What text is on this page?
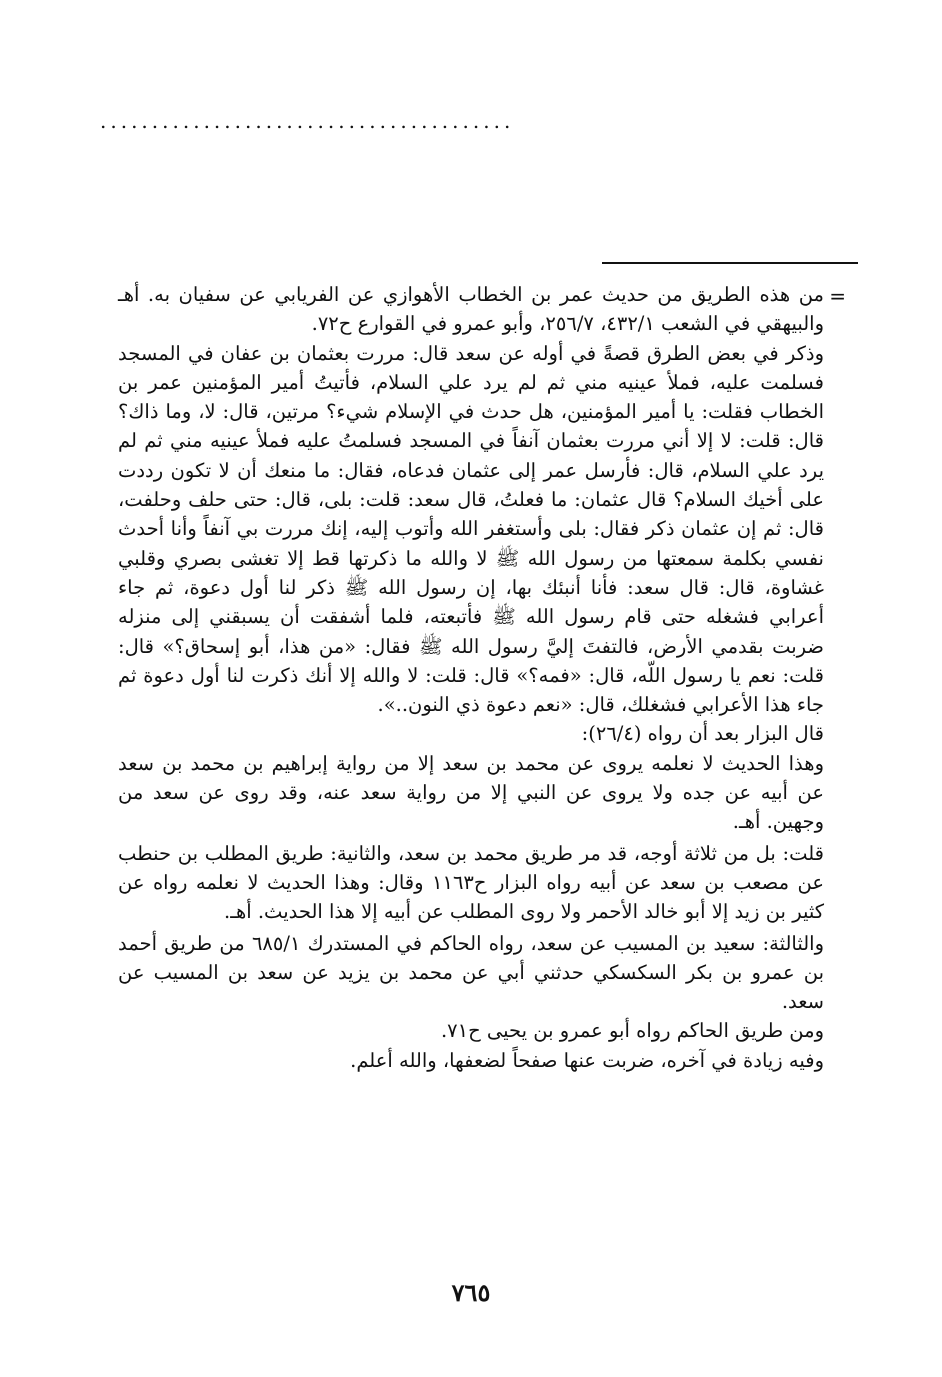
........................................
=

من هذه الطريق من حديث عمر بن الخطاب الأهوازي عن الفريابي عن سفيان به. أهـ والبيهقي في الشعب ٤٣٢/١، ٢٥٦/٧، وأبو عمرو في القوارع ح٧٢.

وذكر في بعض الطرق قصةً في أوله عن سعد قال: مررت بعثمان بن عفان في المسجد فسلمت عليه، فملأ عينيه مني ثم لم يرد علي السلام، فأتيتُ أمير المؤمنين عمر بن الخطاب فقلت: يا أمير المؤمنين، هل حدث في الإسلام شيء؟ مرتين، قال: لا، وما ذاك؟ قال: قلت: لا إلا أني مررت بعثمان آنفاً في المسجد فسلمتُ عليه فملأ عينيه مني ثم لم يرد علي السلام، قال: فأرسل عمر إلى عثمان فدعاه، فقال: ما منعك أن لا تكون رددت على أخيك السلام؟ قال عثمان: ما فعلتُ، قال سعد: قلت: بلى، قال: حتى حلف وحلفت، قال: ثم إن عثمان ذكر فقال: بلى وأستغفر الله وأتوب إليه، إنك مررت بي آنفاً وأنا أحدث نفسي بكلمة سمعتها من رسول الله ﷺ لا والله ما ذكرتها قط إلا تغشى بصري وقلبي غشاوة، قال: قال سعد: فأنا أنبئك بها، إن رسول الله ﷺ ذكر لنا أول دعوة، ثم جاء أعرابي فشغله حتى قام رسول الله ﷺ فأتبعته، فلما أشفقت أن يسبقني إلى منزله ضربت بقدمي الأرض، فالتفتَ إليَّ رسول الله ﷺ فقال: «من هذا، أبو إسحاق؟» قال: قلت: نعم يا رسول اللّه، قال: «فمه؟» قال: قلت: لا والله إلا أنك ذكرت لنا أول دعوة ثم جاء هذا الأعرابي فشغلك، قال: «نعم دعوة ذي النون..».

قال البزار بعد أن رواه (٢٦/٤):

وهذا الحديث لا نعلمه يروى عن محمد بن سعد إلا من رواية إبراهيم بن محمد بن سعد عن أبيه عن جده ولا يروى عن النبي إلا من رواية سعد عنه، وقد روى عن سعد من وجهين. أهـ.

قلت: بل من ثلاثة أوجه، قد مر طريق محمد بن سعد، والثانية: طريق المطلب بن حنطب عن مصعب بن سعد عن أبيه رواه البزار ح١١٦٣ وقال: وهذا الحديث لا نعلمه رواه عن كثير بن زيد إلا أبو خالد الأحمر ولا روى المطلب عن أبيه إلا هذا الحديث. أهـ.

والثالثة: سعيد بن المسيب عن سعد، رواه الحاكم في المستدرك ٦٨٥/١ من طريق أحمد بن عمرو بن بكر السكسكي حدثني أبي عن محمد بن يزيد عن سعد بن المسيب عن سعد.

ومن طريق الحاكم رواه أبو عمرو بن يحيى ح٧١.

وفيه زيادة في آخره، ضربت عنها صفحاً لضعفها، والله أعلم.

٧٦٥
